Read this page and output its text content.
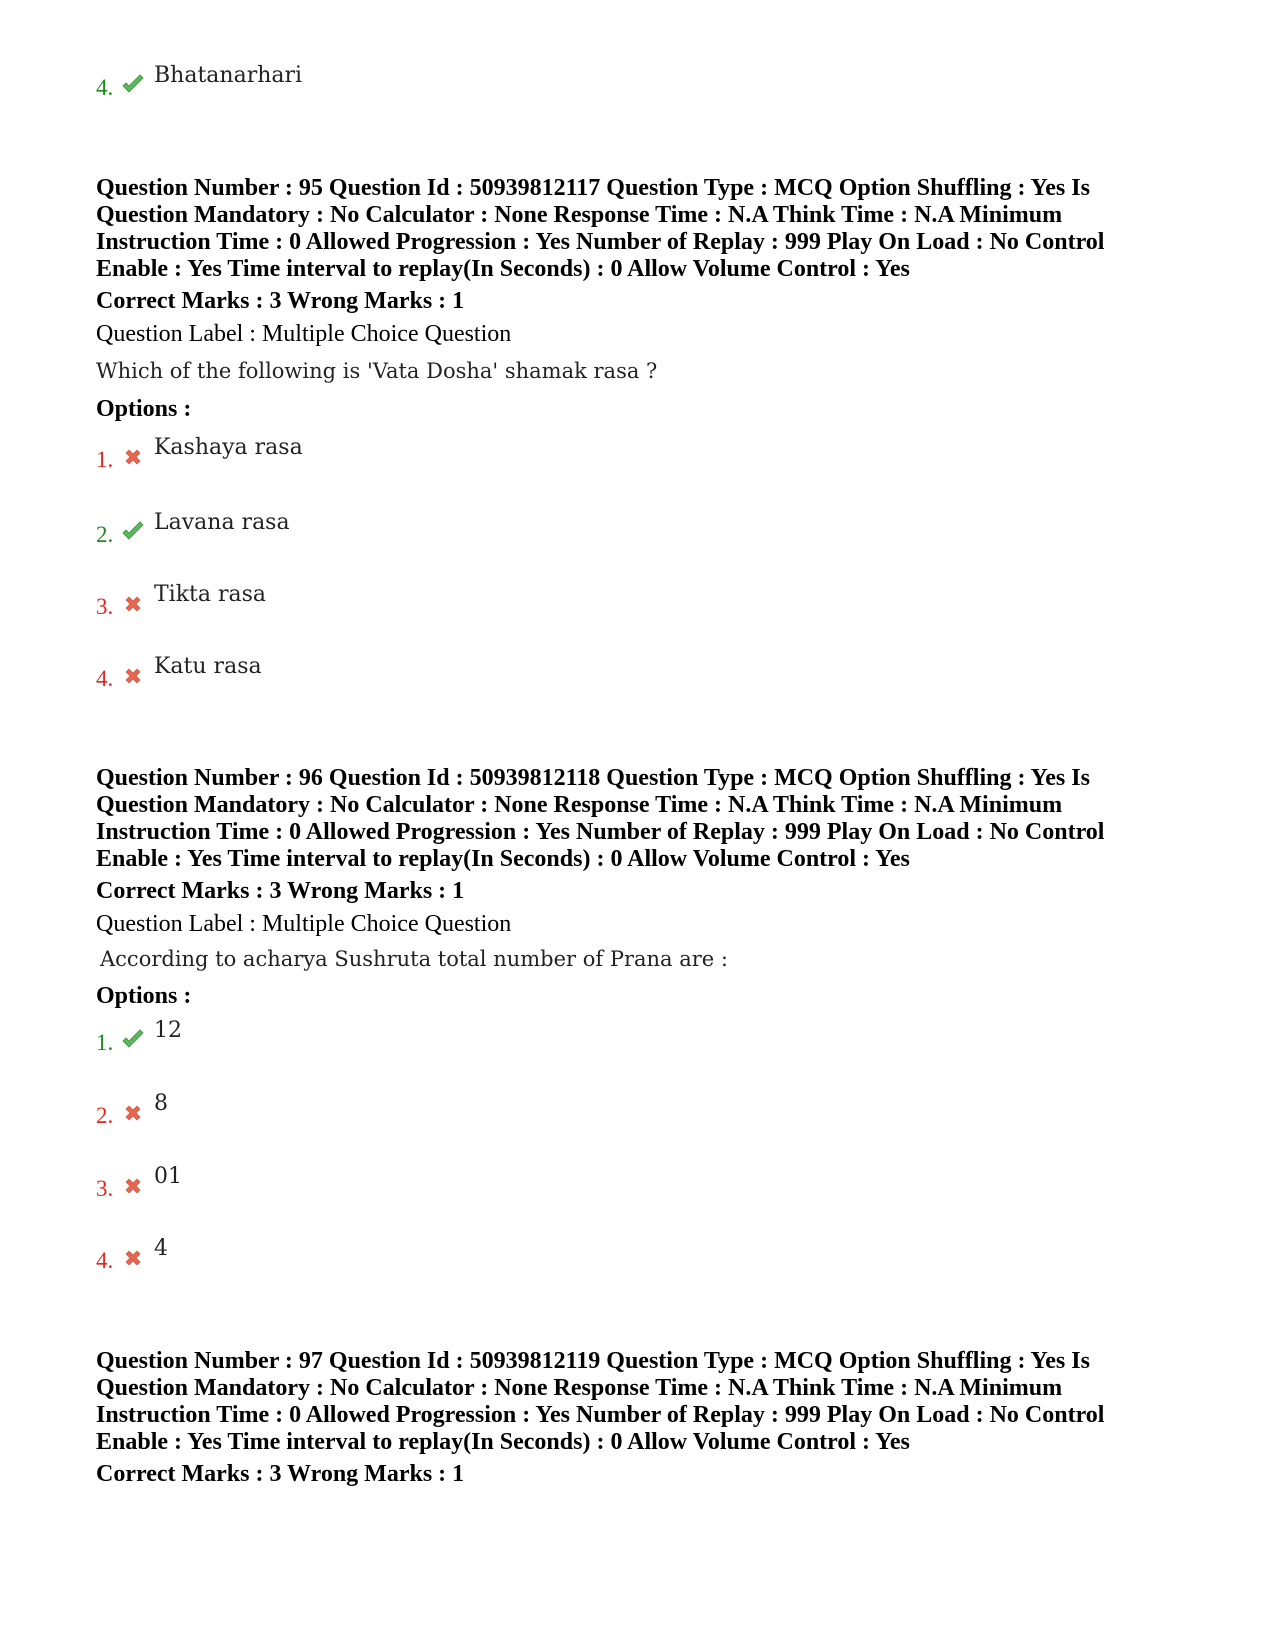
4. Bhatanarhari
Question Number : 95 Question Id : 50939812117 Question Type : MCQ Option Shuffling : Yes Is
Question Mandatory : No Calculator : None Response Time : N.A Think Time : N.A Minimum
Instruction Time : 0 Allowed Progression : Yes Number of Replay : 999 Play On Load : No Control
Enable : Yes Time interval to replay(In Seconds) : 0 Allow Volume Control : Yes
Correct Marks : 3 Wrong Marks : 1
Question Label : Multiple Choice Question
Which of the following is 'Vata Dosha' shamak rasa ?
Options :
1. Kashaya rasa
2. Lavana rasa
3. Tikta rasa
4. Katu rasa
Question Number : 96 Question Id : 50939812118 Question Type : MCQ Option Shuffling : Yes Is
Question Mandatory : No Calculator : None Response Time : N.A Think Time : N.A Minimum
Instruction Time : 0 Allowed Progression : Yes Number of Replay : 999 Play On Load : No Control
Enable : Yes Time interval to replay(In Seconds) : 0 Allow Volume Control : Yes
Correct Marks : 3 Wrong Marks : 1
Question Label : Multiple Choice Question
According to acharya Sushruta total number of Prana are :
Options :
1. 12
2. 8
3. 01
4. 4
Question Number : 97 Question Id : 50939812119 Question Type : MCQ Option Shuffling : Yes Is
Question Mandatory : No Calculator : None Response Time : N.A Think Time : N.A Minimum
Instruction Time : 0 Allowed Progression : Yes Number of Replay : 999 Play On Load : No Control
Enable : Yes Time interval to replay(In Seconds) : 0 Allow Volume Control : Yes
Correct Marks : 3 Wrong Marks : 1
